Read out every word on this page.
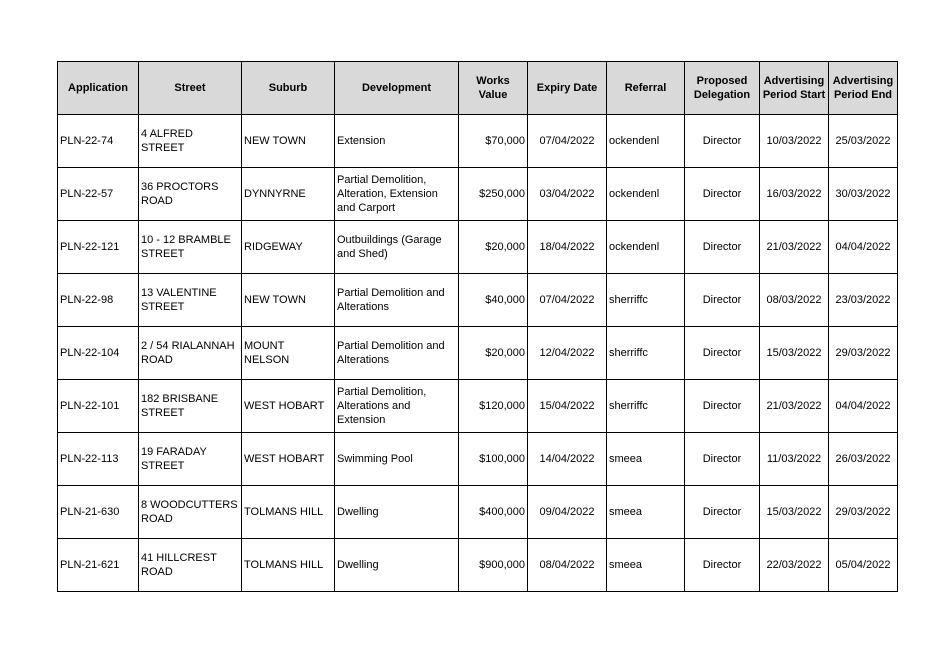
Application	Street	Suburb	Development	Works Value	Expiry Date	Referral	Proposed Delegation	Advertising Period Start	Advertising Period End
PLN-22-74	4 ALFRED STREET	NEW TOWN	Extension	$70,000	07/04/2022	ockendenl	Director	10/03/2022	25/03/2022
PLN-22-57	36 PROCTORS ROAD	DYNNYRNE	Partial Demolition, Alteration, Extension and Carport	$250,000	03/04/2022	ockendenl	Director	16/03/2022	30/03/2022
PLN-22-121	10 - 12 BRAMBLE STREET	RIDGEWAY	Outbuildings (Garage and Shed)	$20,000	18/04/2022	ockendenl	Director	21/03/2022	04/04/2022
PLN-22-98	13 VALENTINE STREET	NEW TOWN	Partial Demolition and Alterations	$40,000	07/04/2022	sherriffc	Director	08/03/2022	23/03/2022
PLN-22-104	2 / 54 RIALANNAH ROAD	MOUNT NELSON	Partial Demolition and Alterations	$20,000	12/04/2022	sherriffc	Director	15/03/2022	29/03/2022
PLN-22-101	182 BRISBANE STREET	WEST HOBART	Partial Demolition, Alterations and Extension	$120,000	15/04/2022	sherriffc	Director	21/03/2022	04/04/2022
PLN-22-113	19 FARADAY STREET	WEST HOBART	Swimming Pool	$100,000	14/04/2022	smeea	Director	11/03/2022	26/03/2022
PLN-21-630	8 WOODCUTTERS ROAD	TOLMANS HILL	Dwelling	$400,000	09/04/2022	smeea	Director	15/03/2022	29/03/2022
PLN-21-621	41 HILLCREST ROAD	TOLMANS HILL	Dwelling	$900,000	08/04/2022	smeea	Director	22/03/2022	05/04/2022
